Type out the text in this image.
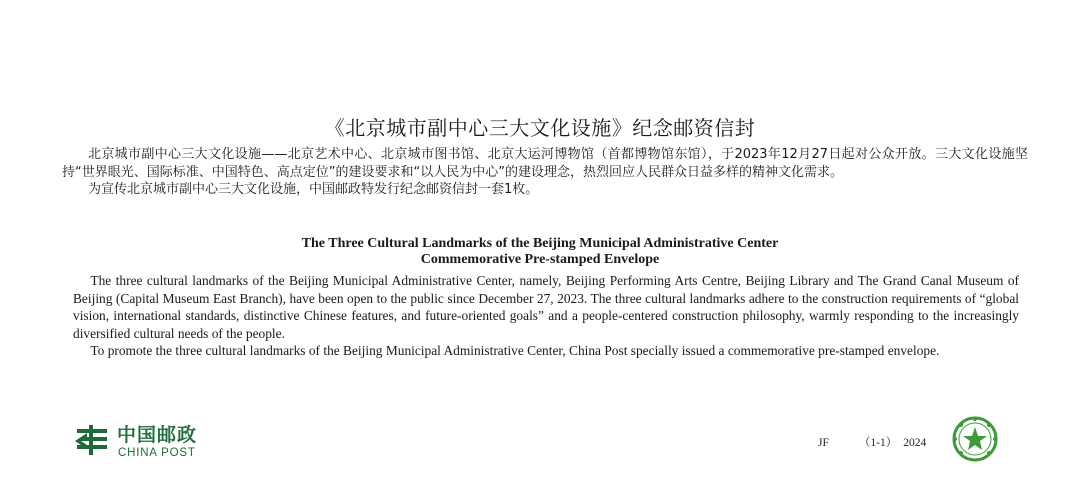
《北京城市副中心三大文化设施》纪念邮资信封

北京城市副中心三大文化设施——北京艺术中心、北京城市图书馆、北京大运河博物馆（首都博物馆东馆），于2023年12月27日起对公众开放。三大文化设施坚持“世界眼光、国际标准、中国特色、高点定位”的建设要求和“以人民为中心”的建设理念，热烈回应人民群众日益多样的精神文化需求。

为宣传北京城市副中心三大文化设施，中国邮政特发行纪念邮资信封一套1枚。

The Three Cultural Landmarks of the Beijing Municipal Administrative Center
Commemorative Pre-stamped Envelope

The three cultural landmarks of the Beijing Municipal Administrative Center, namely, Beijing Performing Arts Centre, Beijing Library and The Grand Canal Museum of Beijing (Capital Museum East Branch), have been open to the public since December 27, 2023. The three cultural landmarks adhere to the construction requirements of “global vision, international standards, distinctive Chinese features, and future-oriented goals” and a people-centered construction philosophy, warmly responding to the increasingly diversified cultural needs of the people.

To promote the three cultural landmarks of the Beijing Municipal Administrative Center, China Post specially issued a commemorative pre-stamped envelope.

中国邮政
CHINA POST
JF	（1-1） 2024
